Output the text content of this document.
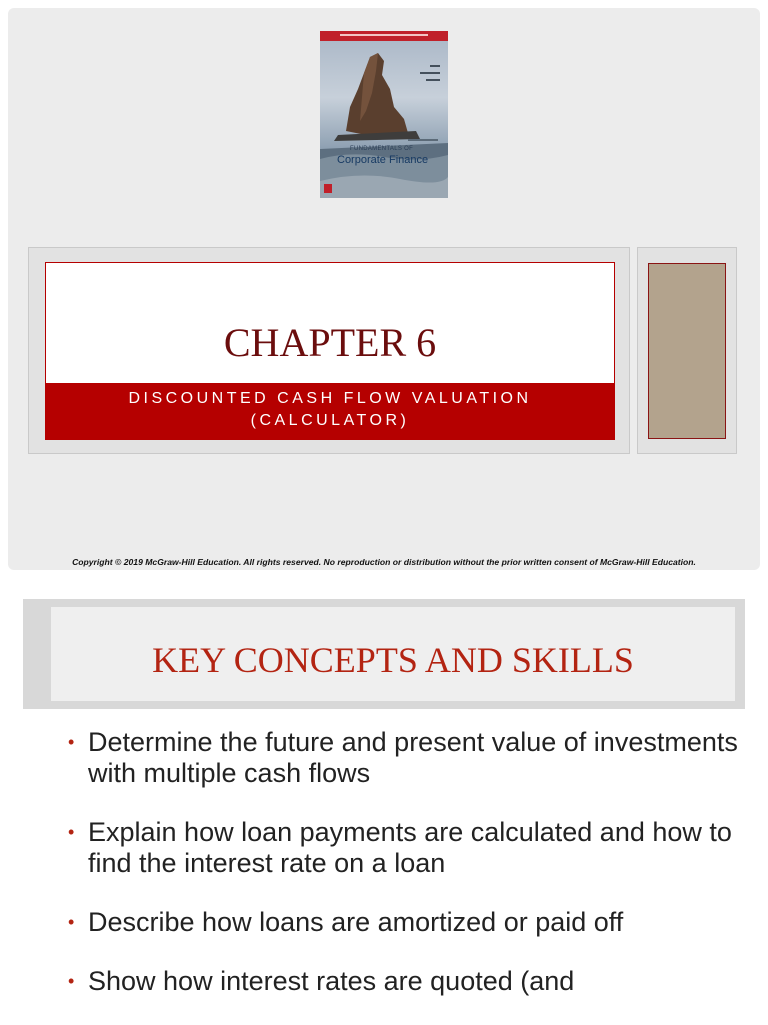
FUNDAMENTALS OF
Corporate Finance
CHAPTER 6
DISCOUNTED CASH FLOW VALUATION
(CALCULATOR)
Copyright © 2019 McGraw-Hill Education. All rights reserved. No reproduction or distribution without the prior written consent of McGraw-Hill Education.
KEY CONCEPTS AND SKILLS
• Determine the future and present value of investments with multiple cash flows
• Explain how loan payments are calculated and how to find the interest rate on a loan
• Describe how loans are amortized or paid off
• Show how interest rates are quoted (and
